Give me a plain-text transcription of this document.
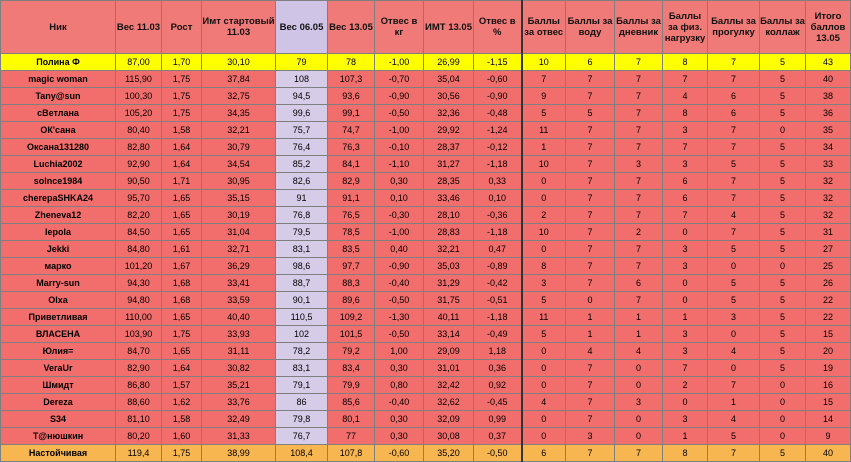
Ник	Вес 11.03	Рост	Имт стартовый 11.03	Вес 06.05	Вес 13.05	Отвес в кг	ИМТ 13.05	Отвес в %	Баллы за отвес	Баллы за воду	Баллы за дневник	Баллы за физ. нагрузку	Баллы за прогулку	Баллы за коллаж	Итого баллов 13.05
Полина Ф	87,00	1,70	30,10	79	78	-1,00	26,99	-1,15	10	6	7	8	7	5	43
magic woman	115,90	1,75	37,84	108	107,3	-0,70	35,04	-0,60	7	7	7	7	7	5	40
Tany@sun	100,30	1,75	32,75	94,5	93,6	-0,90	30,56	-0,90	9	7	7	4	6	5	38
сВетлана	105,20	1,75	34,35	99,6	99,1	-0,50	32,36	-0,48	5	5	7	8	6	5	36
ОК'сана	80,40	1,58	32,21	75,7	74,7	-1,00	29,92	-1,24	11	7	7	3	7	0	35
Оксана131280	82,80	1,64	30,79	76,4	76,3	-0,10	28,37	-0,12	1	7	7	7	7	5	34
Luchia2002	92,90	1,64	34,54	85,2	84,1	-1,10	31,27	-1,18	10	7	3	3	5	5	33
solnce1984	90,50	1,71	30,95	82,6	82,9	0,30	28,35	0,33	0	7	7	6	7	5	32
cherepaSHKA24	95,70	1,65	35,15	91	91,1	0,10	33,46	0,10	0	7	7	6	7	5	32
Zheneva12	82,20	1,65	30,19	76,8	76,5	-0,30	28,10	-0,36	2	7	7	7	4	5	32
lepola	84,50	1,65	31,04	79,5	78,5	-1,00	28,83	-1,18	10	7	2	0	7	5	31
Jekki	84,80	1,61	32,71	83,1	83,5	0,40	32,21	0,47	0	7	7	3	5	5	27
марко	101,20	1,67	36,29	98,6	97,7	-0,90	35,03	-0,89	8	7	7	3	0	0	25
Marry-sun	94,30	1,68	33,41	88,7	88,3	-0,40	31,29	-0,42	3	7	6	0	5	5	26
Olxa	94,80	1,68	33,59	90,1	89,6	-0,50	31,75	-0,51	5	0	7	0	5	5	22
Приветливая	110,00	1,65	40,40	110,5	109,2	-1,30	40,11	-1,18	11	1	1	1	3	5	22
ВЛАСЕНА	103,90	1,75	33,93	102	101,5	-0,50	33,14	-0,49	5	1	1	3	0	5	15
Юлия=	84,70	1,65	31,11	78,2	79,2	1,00	29,09	1,18	0	4	4	3	4	5	20
VeraUr	82,90	1,64	30,82	83,1	83,4	0,30	31,01	0,36	0	7	0	7	0	5	19
Шмидт	86,80	1,57	35,21	79,1	79,9	0,80	32,42	0,92	0	7	0	2	7	0	16
Dereza	88,60	1,62	33,76	86	85,6	-0,40	32,62	-0,45	4	7	3	0	1	0	15
S34	81,10	1,58	32,49	79,8	80,1	0,30	32,09	0,99	0	7	0	3	4	0	14
Т@нюшкин	80,20	1,60	31,33	76,7	77	0,30	30,08	0,37	0	3	0	1	5	0	9
Настойчивая	119,4	1,75	38,99	108,4	107,8	-0,60	35,20	-0,50	6	7	7	8	7	5	40
